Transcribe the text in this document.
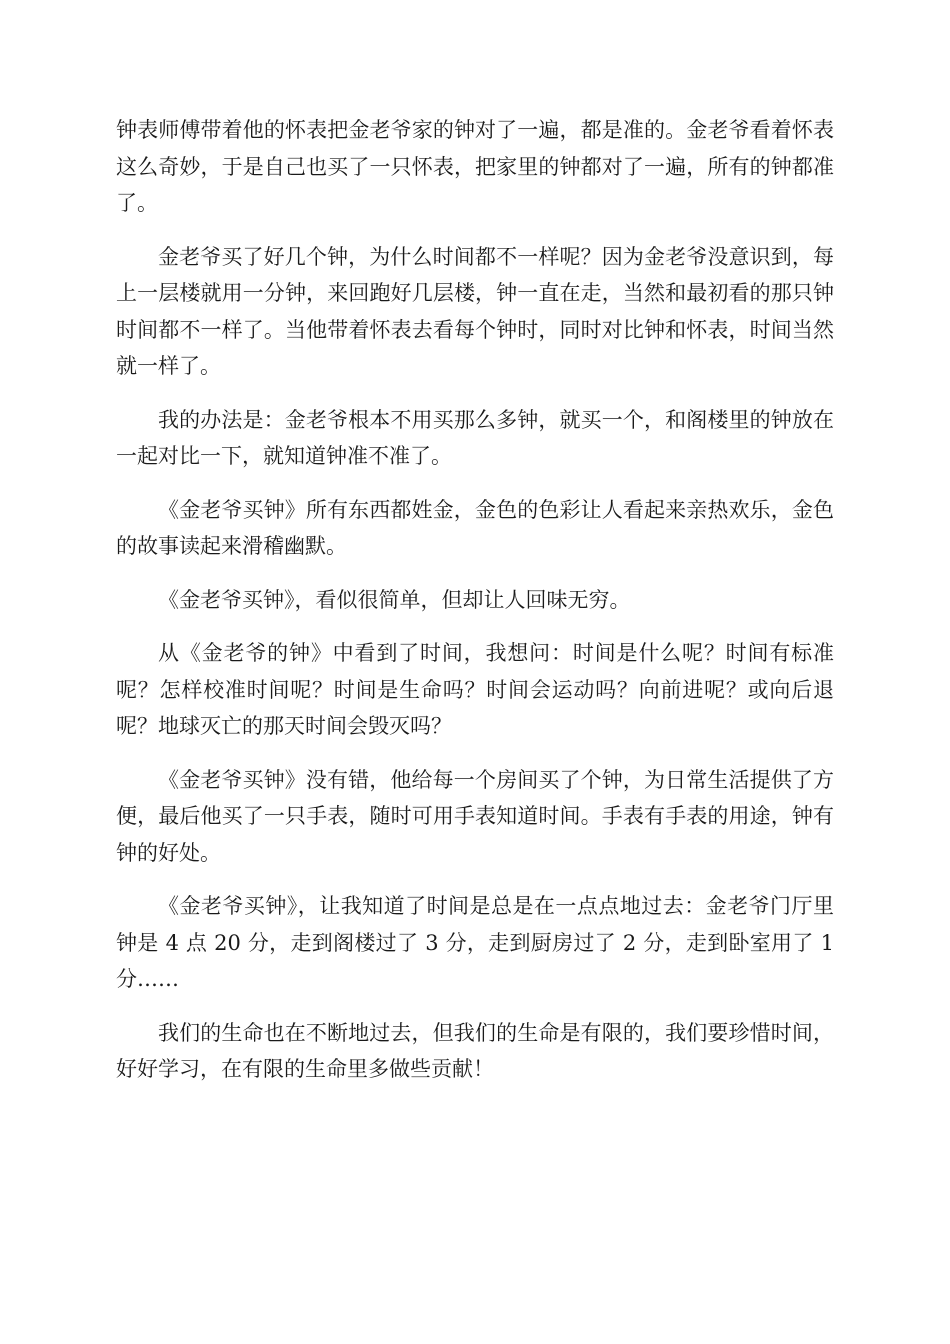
钟表师傅带着他的怀表把金老爷家的钟对了一遍，都是准的。金老爷看着怀表这么奇妙，于是自己也买了一只怀表，把家里的钟都对了一遍，所有的钟都准了。

金老爷买了好几个钟，为什么时间都不一样呢？因为金老爷没意识到，每上一层楼就用一分钟，来回跑好几层楼，钟一直在走，当然和最初看的那只钟时间都不一样了。当他带着怀表去看每个钟时，同时对比钟和怀表，时间当然就一样了。

我的办法是：金老爷根本不用买那么多钟，就买一个，和阁楼里的钟放在一起对比一下，就知道钟准不准了。

《金老爷买钟》所有东西都姓金，金色的色彩让人看起来亲热欢乐，金色的故事读起来滑稽幽默。

《金老爷买钟》，看似很简单，但却让人回味无穷。

从《金老爷的钟》中看到了时间，我想问：时间是什么呢？时间有标准呢？怎样校准时间呢？时间是生命吗？时间会运动吗？向前进呢？或向后退呢？地球灭亡的那天时间会毁灭吗？

《金老爷买钟》没有错，他给每一个房间买了个钟，为日常生活提供了方便，最后他买了一只手表，随时可用手表知道时间。手表有手表的用途，钟有钟的好处。

《金老爷买钟》，让我知道了时间是总是在一点点地过去：金老爷门厅里钟是 4 点 20 分，走到阁楼过了 3 分，走到厨房过了 2 分，走到卧室用了 1 分……

我们的生命也在不断地过去，但我们的生命是有限的，我们要珍惜时间，好好学习，在有限的生命里多做些贡献！
